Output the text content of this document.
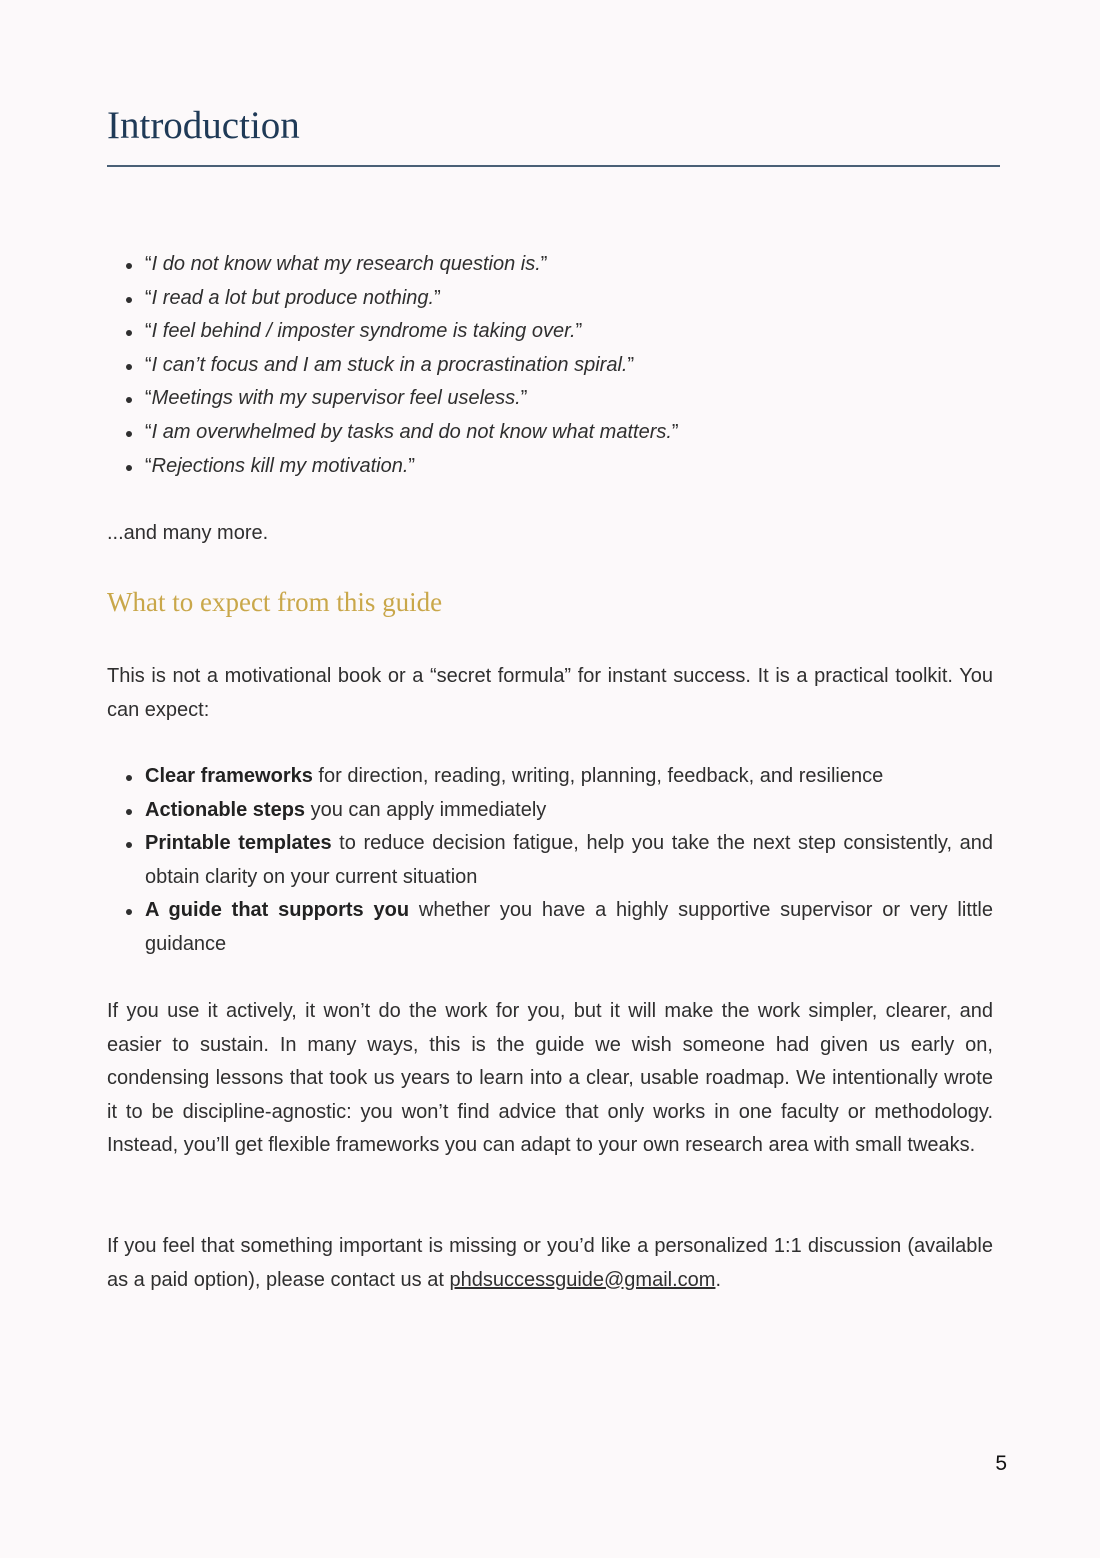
Introduction
“I do not know what my research question is.”
“I read a lot but produce nothing.”
“I feel behind / imposter syndrome is taking over.”
“I can’t focus and I am stuck in a procrastination spiral.”
“Meetings with my supervisor feel useless.”
“I am overwhelmed by tasks and do not know what matters.”
“Rejections kill my motivation.”

...and many more.

What to expect from this guide

This is not a motivational book or a “secret formula” for instant success. It is a practical toolkit. You can expect:

Clear frameworks for direction, reading, writing, planning, feedback, and resilience
Actionable steps you can apply immediately
Printable templates to reduce decision fatigue, help you take the next step consistently, and obtain clarity on your current situation
A guide that supports you whether you have a highly supportive supervisor or very little guidance

If you use it actively, it won’t do the work for you, but it will make the work simpler, clearer, and easier to sustain. In many ways, this is the guide we wish someone had given us early on, condensing lessons that took us years to learn into a clear, usable roadmap. We intentionally wrote it to be discipline-agnostic: you won’t find advice that only works in one faculty or methodology. Instead, you’ll get flexible frameworks you can adapt to your own research area with small tweaks.

If you feel that something important is missing or you’d like a personalized 1:1 discussion (available as a paid option), please contact us at phdsuccessguide@gmail.com.

5
